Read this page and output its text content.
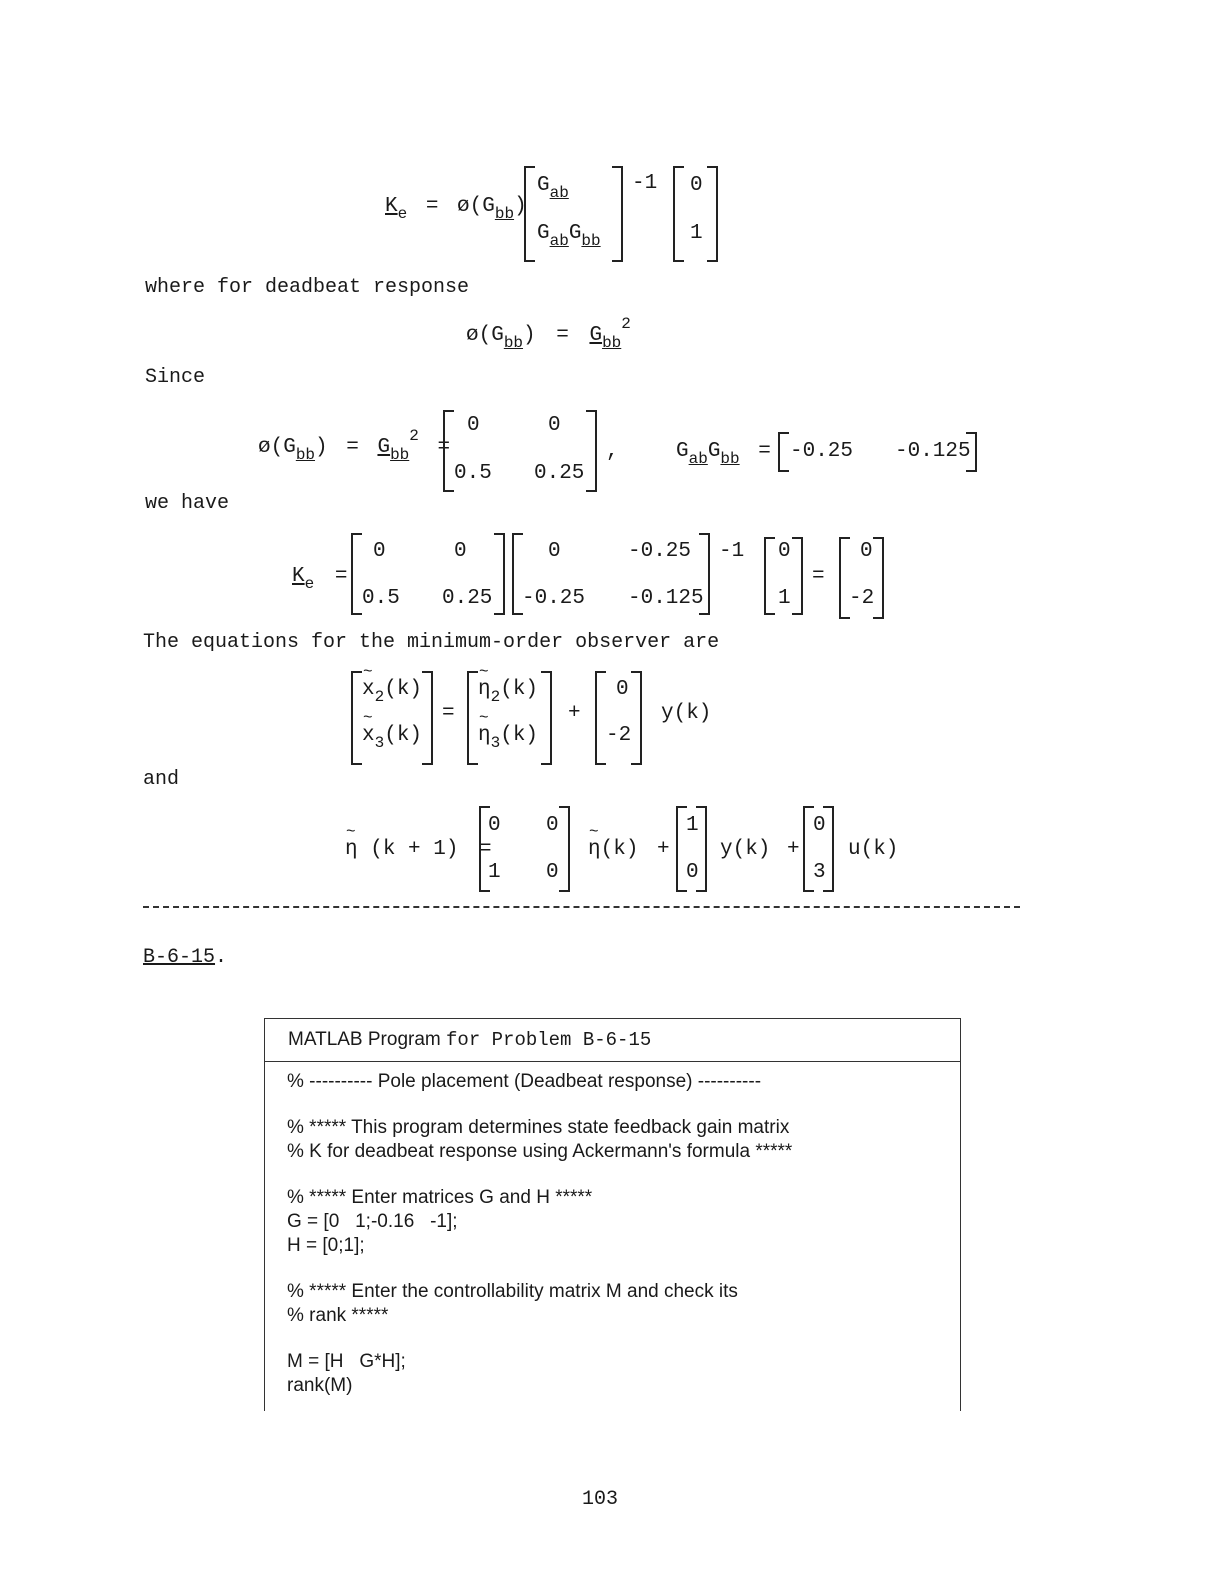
$K_e$ = $ø(G_{bb})$
$G_{ab}$
$G_{ab}G_{bb}$
-1 0
1
where for deadbeat response
$ø(G_{bb}) = G_{bb}^2$
Since
$ø(G_{bb}) = G_{bb}^2$ =
0	0
0.5 0.25
,	$G_{ab}G_{bb} = -0.25$ -0.125
we have
$K_e$ =
0	0
0.5 0.25
0	-0.25
-0.25 -0.125
-1 0
1
=
0
-2
The equations for the minimum-order observer are
~ $x_2(k)$
~ $x_3(k)$
=
~ $\eta_2(k)$
~ $\eta_3(k)$
+
0
-2
y(k)
and
~ η (k + 1) =
0 0
1 0
~ η(k) +
1
0
y(k) +
0
3
u(k)
B-6-15.
MATLAB Program for Problem B-6-15
% ---------- Pole placement (Deadbeat response) ----------
% ***** This program determines state feedback gain matrix
% K for deadbeat response using Ackermann's formula *****
% ***** Enter matrices G and H *****
G = [0   1;-0.16   -1];
H = [0;1];
% ***** Enter the controllability matrix M and check its
% rank *****
M = [H   G*H];
rank(M)
103
